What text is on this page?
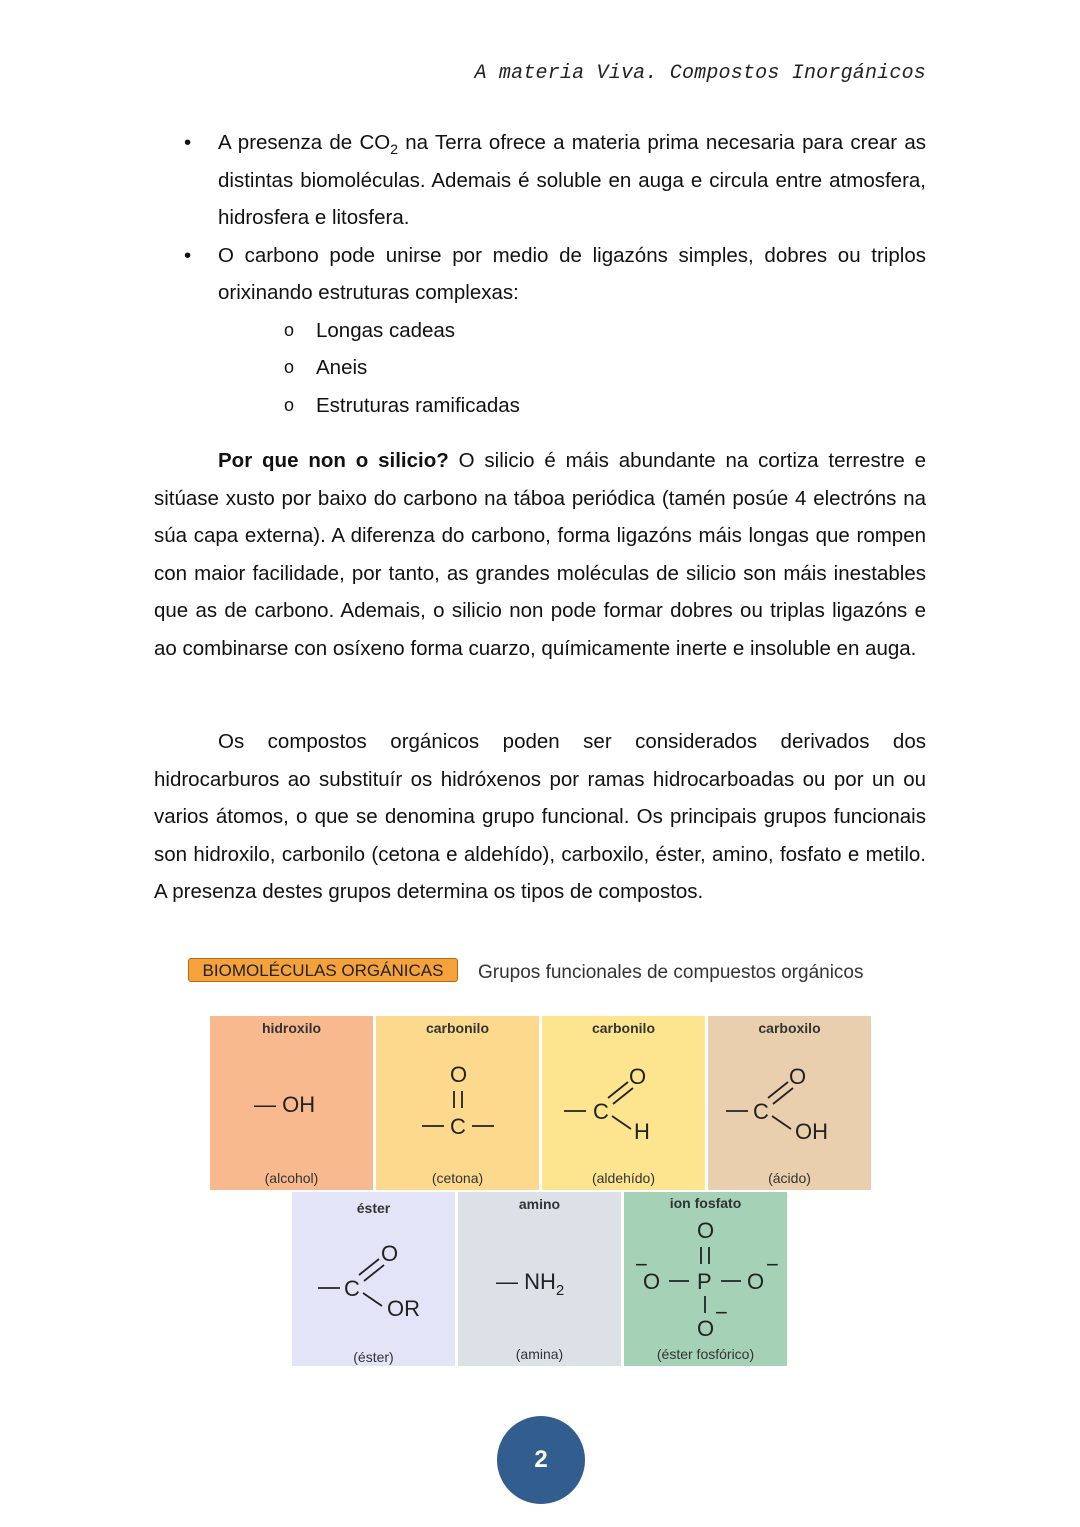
A materia Viva. Compostos Inorgánicos
•	A presenza de $CO_2$ na Terra ofrece a materia prima necesaria para crear as distintas biomoléculas. Ademais é soluble en auga e circula entre atmosfera, hidrosfera e litosfera.
•	O carbono pode unirse por medio de ligazóns simples, dobres ou triplos orixinando estruturas complexas:
o	Longas cadeas
o	Aneis
o	Estruturas ramificadas

Por que non o silicio? O silicio é máis abundante na cortiza terrestre e sitúase xusto por baixo do carbono na táboa periódica (tamén posúe 4 electróns na súa capa externa). A diferenza do carbono, forma ligazóns máis longas que rompen con maior facilidade, por tanto, as grandes moléculas de silicio son máis inestables que as de carbono. Ademais, o silicio non pode formar dobres ou triplas ligazóns e ao combinarse con osíxeno forma cuarzo, químicamente inerte e insoluble en auga.

Os compostos orgánicos poden ser considerados derivados dos hidrocarburos ao substituír os hidróxenos por ramas hidrocarboadas ou por un ou varios átomos, o que se denomina grupo funcional. Os principais grupos funcionais son hidroxilo, carbonilo (cetona e aldehído), carboxilo, éster, amino, fosfato e metilo. A presenza destes grupos determina os tipos de compostos.

BIOMOLÉCULAS ORGÁNICAS	Grupos funcionales de compuestos orgánicos
hidroxilo
— OH
(alcohol)
carbonilo
O
C
(cetona)
carbonilo
C
O
H
(aldehído)
carboxilo
C
O
OH
(ácido)
éster
C
O
OR
(éster)
amino
— $NH_2$
(amina)
ion fosfato
O
−
O P O
−
O
−
(éster fosfórico)
2
